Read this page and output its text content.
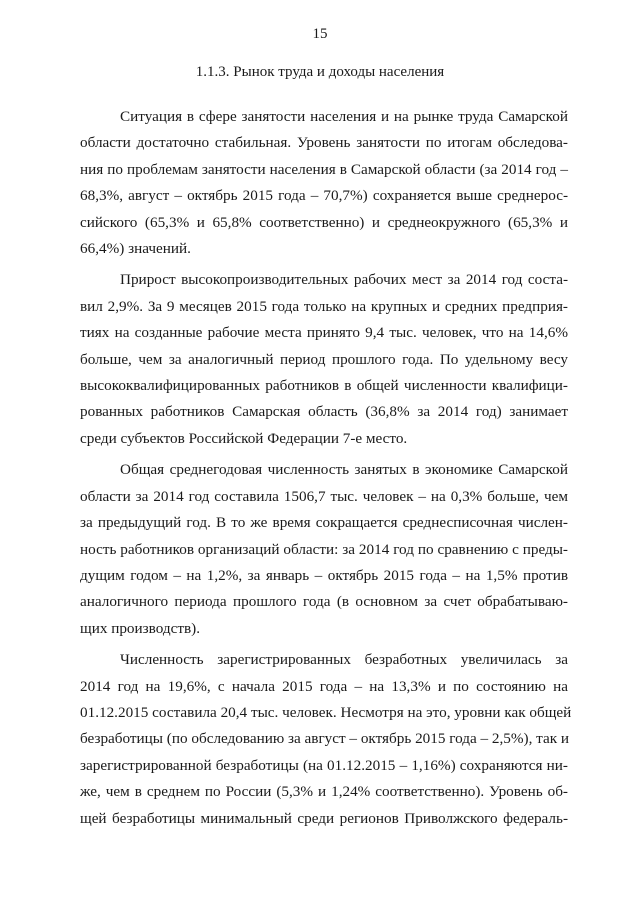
15
1.1.3. Рынок труда и доходы населения
Ситуация в сфере занятости населения и на рынке труда Самарской
области достаточно стабильная. Уровень занятости по итогам обследова-
ния по проблемам занятости населения в Самарской области (за 2014 год –
68,3%, август – октябрь 2015 года – 70,7%) сохраняется выше среднерос-
сийского (65,3% и 65,8% соответственно) и среднеокружного (65,3% и
66,4%) значений.
Прирост высокопроизводительных рабочих мест за 2014 год соста-
вил 2,9%. За 9 месяцев 2015 года только на крупных и средних предприя-
тиях на созданные рабочие места принято 9,4 тыс. человек, что на 14,6%
больше, чем за аналогичный период прошлого года. По удельному весу
высококвалифицированных работников в общей численности квалифици-
рованных работников Самарская область (36,8% за 2014 год) занимает
среди субъектов Российской Федерации 7-е место.
Общая среднегодовая численность занятых в экономике Самарской
области за 2014 год составила 1506,7 тыс. человек – на 0,3% больше, чем
за предыдущий год. В то же время сокращается среднесписочная числен-
ность работников организаций области: за 2014 год по сравнению с преды-
дущим годом – на 1,2%, за январь – октябрь 2015 года – на 1,5% против
аналогичного периода прошлого года (в основном за счет обрабатываю-
щих производств).
Численность зарегистрированных безработных увеличилась за
2014 год на 19,6%, с начала 2015 года – на 13,3% и по состоянию на
01.12.2015 составила 20,4 тыс. человек. Несмотря на это, уровни как общей
безработицы (по обследованию за август – октябрь 2015 года – 2,5%), так и
зарегистрированной безработицы (на 01.12.2015 – 1,16%) сохраняются ни-
же, чем в среднем по России (5,3% и 1,24% соответственно). Уровень об-
щей безработицы минимальный среди регионов Приволжского федераль-
